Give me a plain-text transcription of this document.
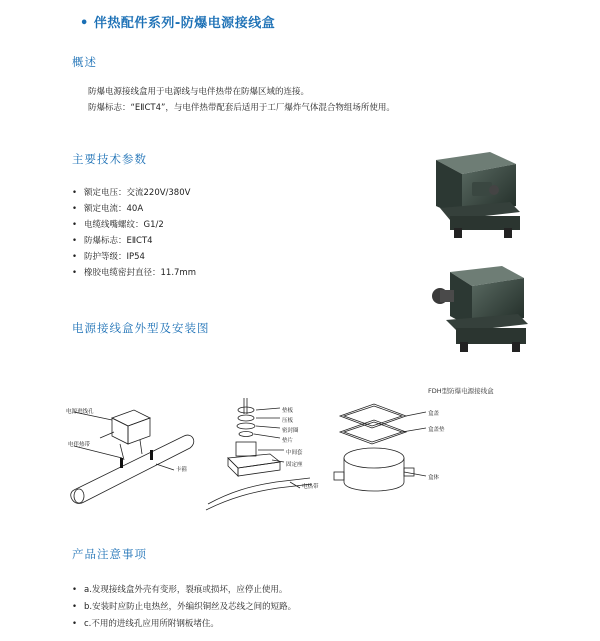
• 伴热配件系列-防爆电源接线盒
概述
防爆电源接线盒用于电源线与电伴热带在防爆区域的连接。
防爆标志：“EⅡCT4”，与电伴热带配套后适用于工厂爆炸气体混合物组场所使用。
主要技术参数
• 额定电压：交流220V/380V
• 额定电流：40A
• 电缆线嘴螺纹：G1/2
• 防爆标志：EⅡCT4
• 防护等级：IP54
• 橡胶电缆密封直径：11.7mm
电源接线盒外型及安装图
FDH型防爆电源接线盒
电源进线孔
电伴热带
卡箍
垫板
压板
密封圈
垫片
中间套
固定座
电热带
盒盖
盒盖垫
盒体
产品注意事项
• a.发现接线盒外壳有变形，裂痕或损坏，应停止使用。
• b.安装时应防止电热丝，外编织铜丝及芯线之间的短路。
• c.不用的进线孔应用所附钢板堵住。
